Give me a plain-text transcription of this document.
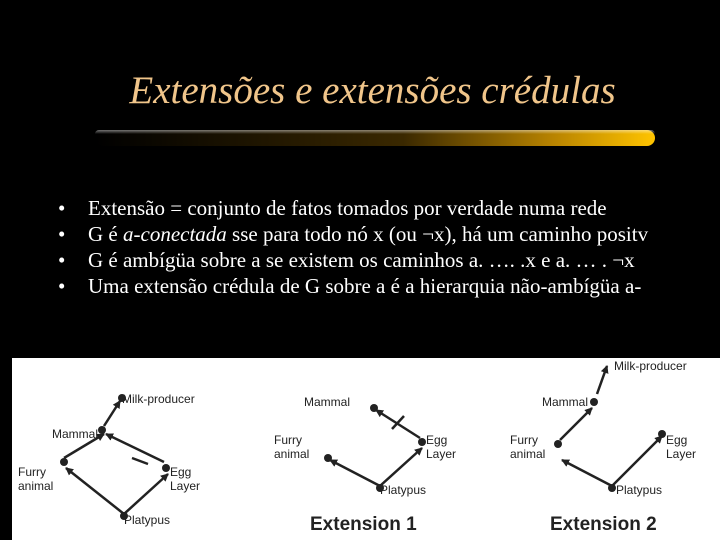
Extensões e extensões crédulas
• Extensão = conjunto de fatos tomados por verdade numa rede
• G é a-conectada sse para todo nó x (ou ¬x), há um caminho positv
• G é ambígüa sobre a se existem os caminhos a. …. .x e a. … . ¬x
• Uma extensão crédula de G sobre a é a hierarquia não-ambígüa a-
Milk-producer
Mammal
Furry
animal
Egg
Layer
Platypus
Mammal
Furry
animal
Egg
Layer
Platypus
Extension 1
Milk-producer
Mammal
Furry
animal
Egg
Layer
Platypus
Extension 2
